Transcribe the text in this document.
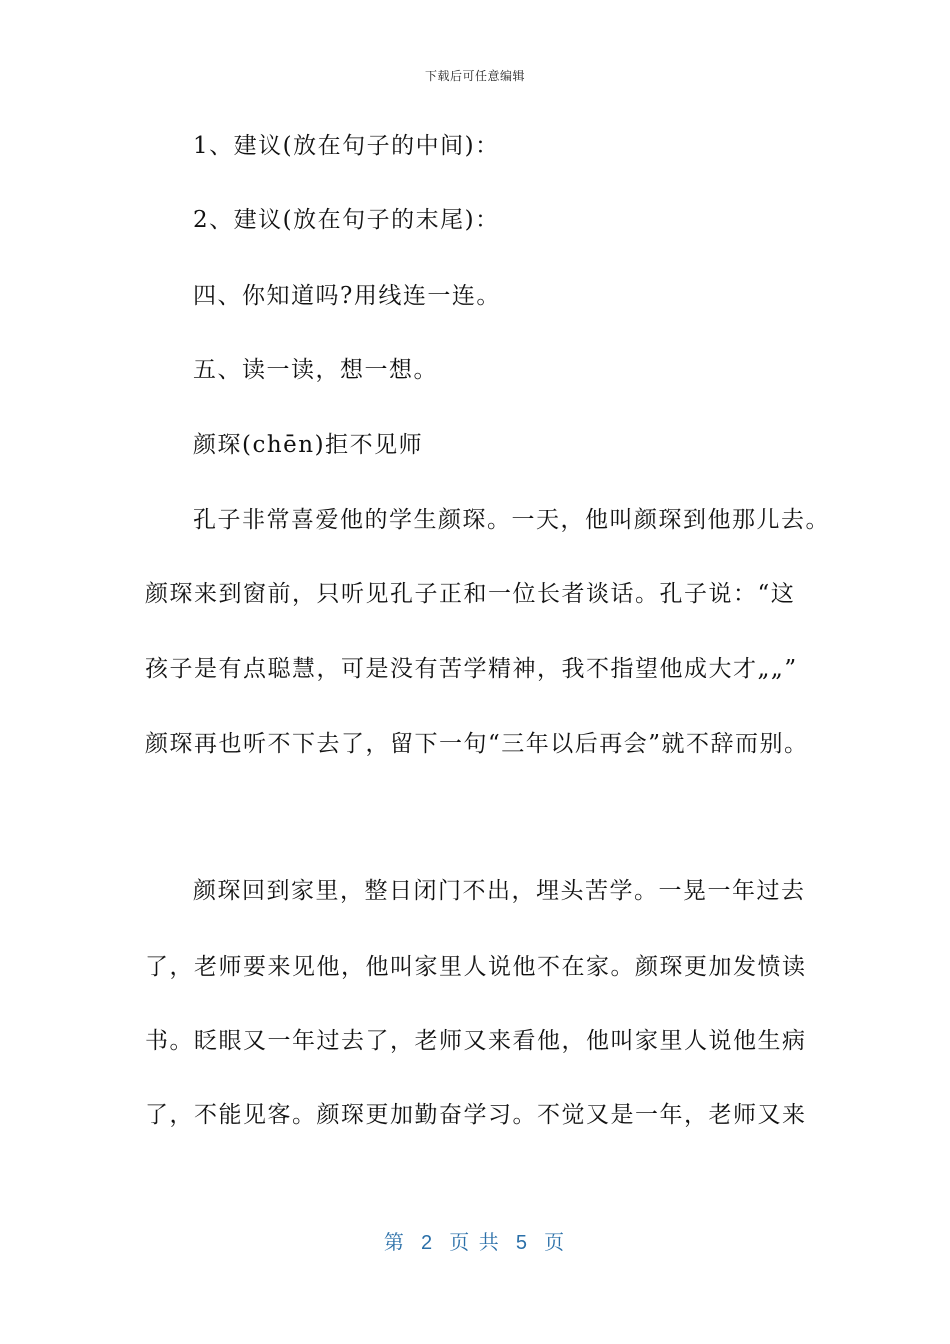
下载后可任意编辑
1、建议(放在句子的中间)：
2、建议(放在句子的末尾)：
四、你知道吗?用线连一连。
五、读一读，想一想。
颜琛(chēn)拒不见师
孔子非常喜爱他的学生颜琛。一天，他叫颜琛到他那儿去。
颜琛来到窗前，只听见孔子正和一位长者谈话。孔子说：“这
孩子是有点聪慧，可是没有苦学精神，我不指望他成大才„„”
颜琛再也听不下去了，留下一句“三年以后再会”就不辞而别。
颜琛回到家里，整日闭门不出，埋头苦学。一晃一年过去
了，老师要来见他，他叫家里人说他不在家。颜琛更加发愤读
书。眨眼又一年过去了，老师又来看他，他叫家里人说他生病
了，不能见客。颜琛更加勤奋学习。不觉又是一年，老师又来
第  2  页 共  5  页
